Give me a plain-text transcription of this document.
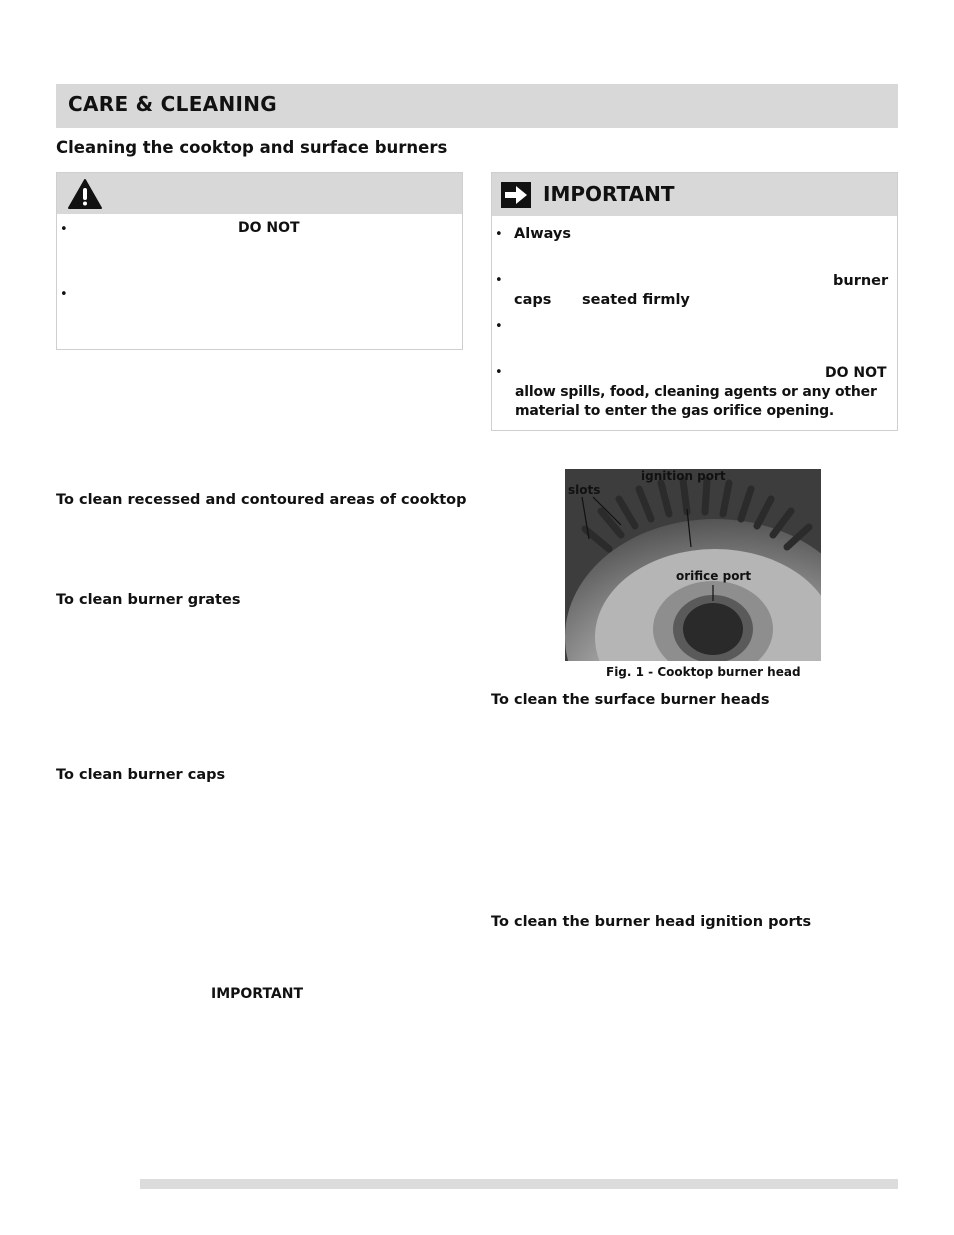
CARE & CLEANING
Cleaning the cooktop and surface burners
•	DO NOT
•
IMPORTANT
• Always
•	burner
caps seated firmly
•
•	DO NOT
allow spills, food, cleaning agents or any other
material to enter the gas orifice opening.
To clean recessed and contoured areas of cooktop
To clean burner grates
To clean burner caps
IMPORTANT
ignition port
slots
orifice port
Fig. 1 - Cooktop burner head
To clean the surface burner heads
To clean the burner head ignition ports
